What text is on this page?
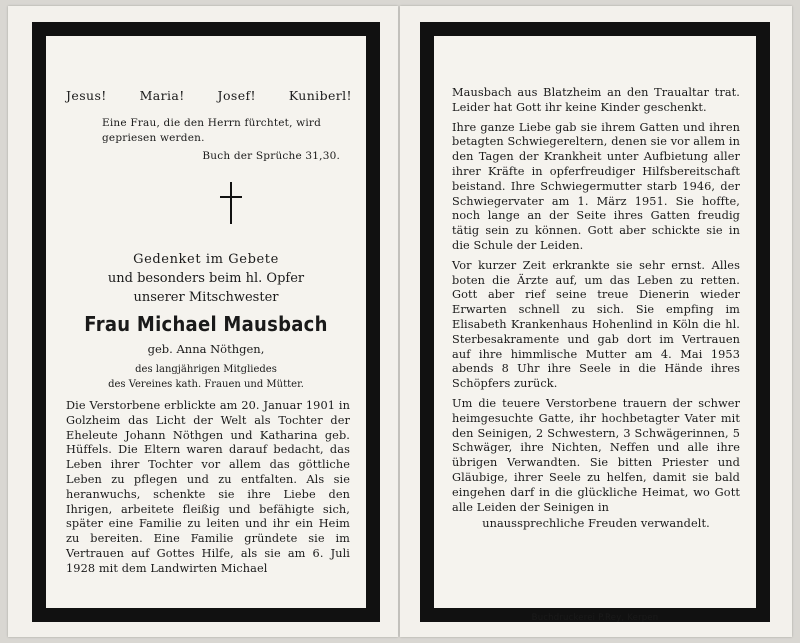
Jesus!	Maria!	Josef!	Kuniberl!
Eine Frau, die den Herrn fürchtet, wird gepriesen werden.
Buch der Sprüche 31,30.
Gedenket im Gebete
und besonders beim hl. Opfer
unserer Mitschwester
Frau Michael Mausbach
geb. Anna Nöthgen,
des langjährigen Mitgliedes
des Vereines kath. Frauen und Mütter.

Die Verstorbene erblickte am 20. Januar 1901 in Golzheim das Licht der Welt als Tochter der Eheleute Johann Nöthgen und Katharina geb. Hüffels. Die Eltern waren darauf bedacht, das Leben ihrer Tochter vor allem das göttliche Leben zu pflegen und zu entfalten. Als sie heranwuchs, schenkte sie ihre Liebe den Ihrigen, arbeitete fleißig und befähigte sich, später eine Familie zu leiten und ihr ein Heim zu bereiten. Eine Familie gründete sie im Vertrauen auf Gottes Hilfe, als sie am 6. Juli 1928 mit dem Landwirten Michael

Mausbach aus Blatzheim an den Traualtar trat. Leider hat Gott ihr keine Kinder geschenkt.

Ihre ganze Liebe gab sie ihrem Gatten und ihren betagten Schwiegereltern, denen sie vor allem in den Tagen der Krankheit unter Aufbietung aller ihrer Kräfte in opferfreudiger Hilfsbereitschaft beistand. Ihre Schwiegermutter starb 1946, der Schwiegervater am 1. März 1951. Sie hoffte, noch lange an der Seite ihres Gatten freudig tätig sein zu können. Gott aber schickte sie in die Schule der Leiden.

Vor kurzer Zeit erkrankte sie sehr ernst. Alles boten die Ärzte auf, um das Leben zu retten. Gott aber rief seine treue Dienerin wieder Erwarten schnell zu sich. Sie empfing im Elisabeth Krankenhaus Hohenlind in Köln die hl. Sterbesakramente und gab dort im Vertrauen auf ihre himmlische Mutter am 4. Mai 1953 abends 8 Uhr ihre Seele in die Hände ihres Schöpfers zurück.

Um die teuere Verstorbene trauern der schwer heimgesuchte Gatte, ihr hochbetagter Vater mit den Seinigen, 2 Schwestern, 3 Schwägerinnen, 5 Schwäger, ihre Nichten, Neffen und alle ihre übrigen Verwandten. Sie bitten Priester und Gläubige, ihrer Seele zu helfen, damit sie bald eingehen darf in die glückliche Heimat, wo Gott alle Leiden der Seinigen in

unaussprechliche Freuden verwandelt.

Buchdruckerei P.Rey, Kerpen
